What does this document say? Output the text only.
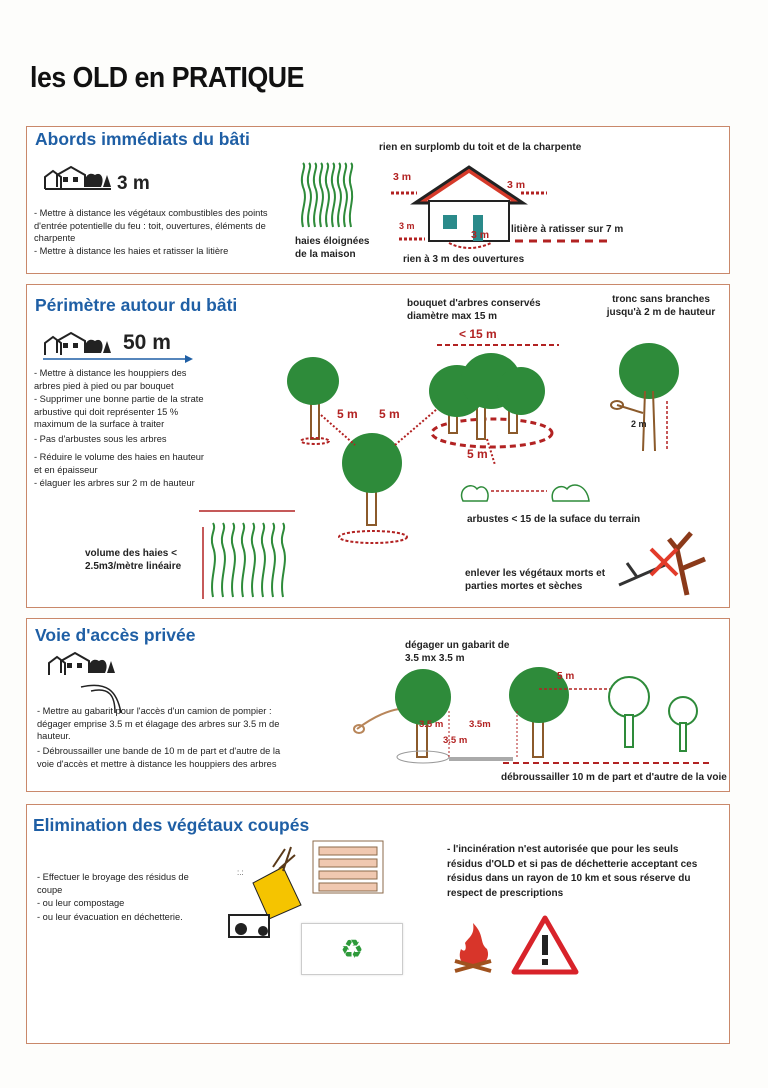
les OLD en PRATIQUE
Abords immédiats du bâti
3 m
- Mettre à distance les végétaux combustibles des points d'entrée potentielle du feu : toit, ouvertures, éléments de charpente
- Mettre à distance les haies et ratisser la litière
haies éloignées de la maison
rien en surplomb du toit et de la charpente
3 m
3 m
3 m
3 m litière à ratisser sur 7 m
rien à 3 m des ouvertures
Périmètre autour du bâti
50 m
- Mettre à distance les houppiers des arbres pied à pied ou par bouquet
- Supprimer une bonne partie de la strate arbustive qui doit représenter 15 % maximum de la surface à traiter
- Pas d'arbustes sous les arbres
- Réduire le volume des haies en hauteur et en épaisseur
- élaguer les arbres sur 2 m de hauteur
5 m 5 m
5 m
bouquet d'arbres conservés diamètre max 15 m
< 15 m
tronc sans branches jusqu'à 2 m de hauteur
2 m
arbustes < 15 de la suface du terrain
volume des haies < 2.5m3/mètre linéaire
enlever les végétaux morts et parties mortes et sèches
Voie d'accès privée
- Mettre au gabarit pour l'accès d'un camion de pompier : dégager emprise 3.5 m et élagage des arbres sur 3.5 m de hauteur.
- Débroussailler une bande de 10 m de part et d'autre de la voie d'accès et mettre à distance les houppiers des arbres
dégager un gabarit de 3.5 mx 3.5 m
3.5 m	3.5m
3.5 m
5 m
débroussailler 10 m de part et d'autre de la voie
Elimination des végétaux coupés
- Effectuer le broyage des résidus de coupe
- ou leur compostage
- ou leur évacuation en déchetterie.
:.:
♻
- l'incinération n'est autorisée que pour les seuls résidus d'OLD et si pas de déchetterie acceptant ces résidus dans un rayon de 10 km et sous réserve du respect de prescriptions
